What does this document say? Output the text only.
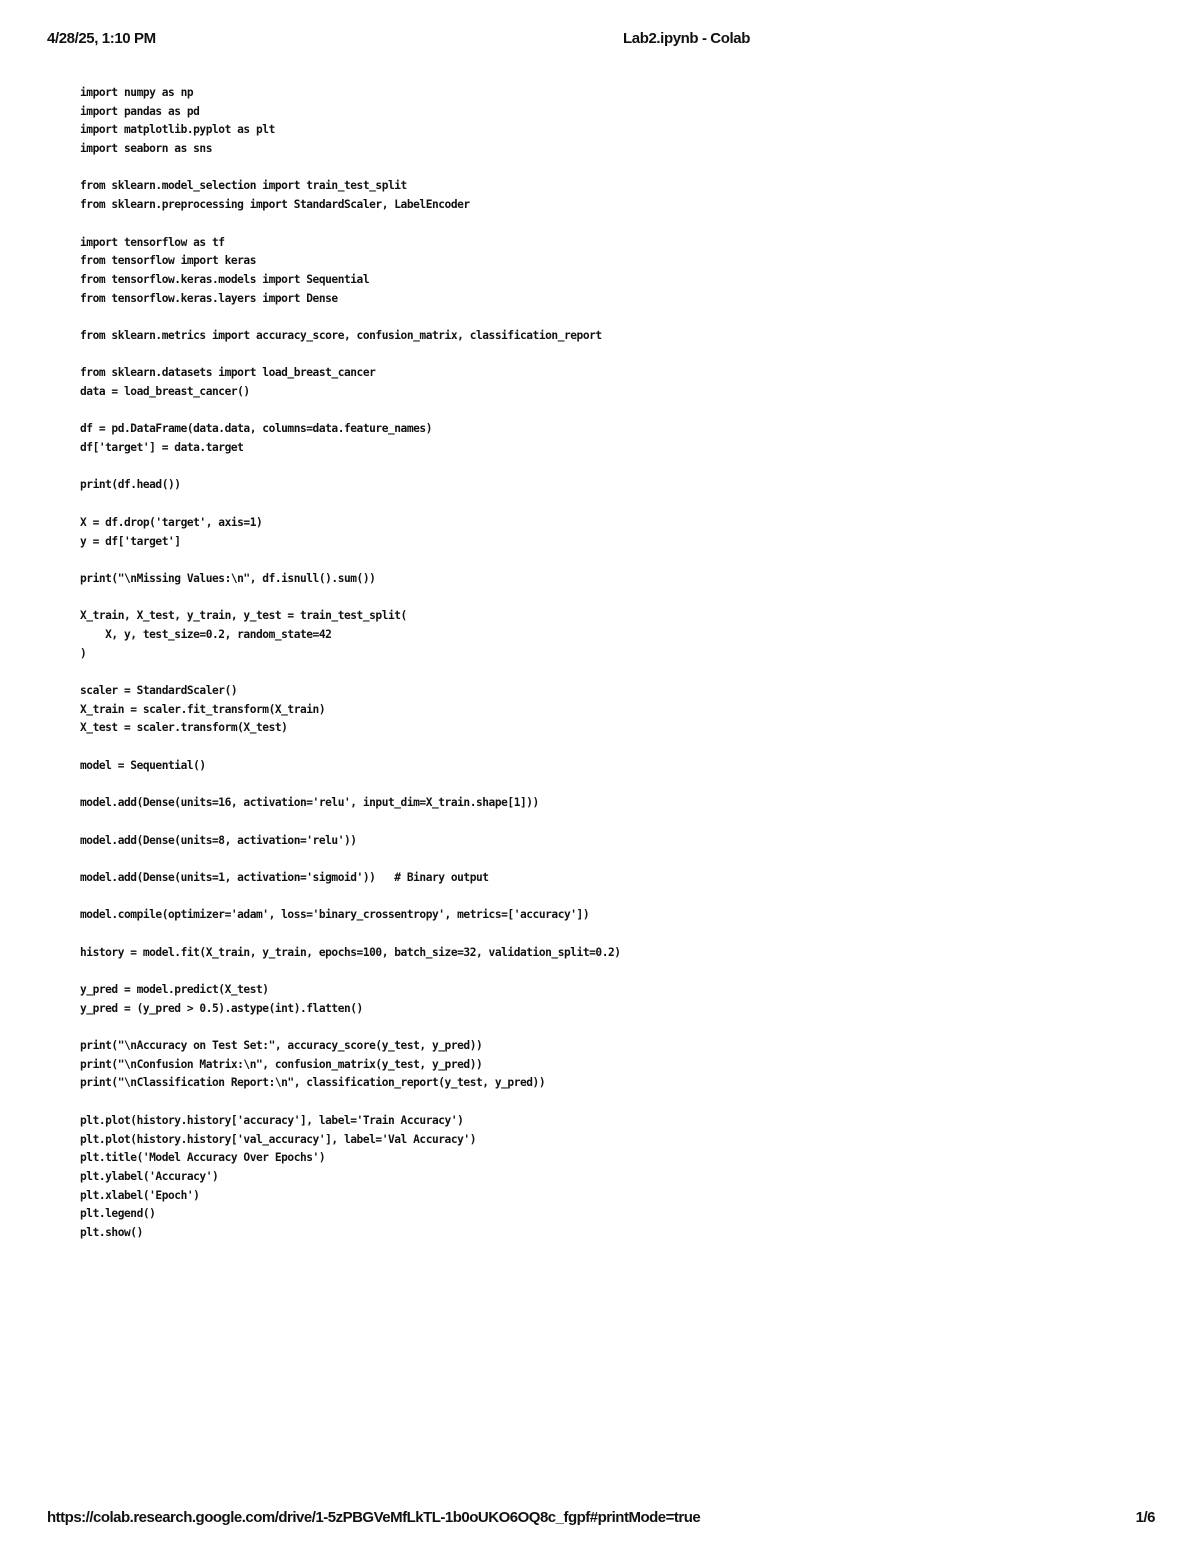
4/28/25, 1:10 PM	Lab2.ipynb - Colab
import numpy as np
import pandas as pd
import matplotlib.pyplot as plt
import seaborn as sns
from sklearn.model_selection import train_test_split
from sklearn.preprocessing import StandardScaler, LabelEncoder
import tensorflow as tf
from tensorflow import keras
from tensorflow.keras.models import Sequential
from tensorflow.keras.layers import Dense
from sklearn.metrics import accuracy_score, confusion_matrix, classification_report
from sklearn.datasets import load_breast_cancer
data = load_breast_cancer()
df = pd.DataFrame(data.data, columns=data.feature_names)
df['target'] = data.target
print(df.head())
X = df.drop('target', axis=1)
y = df['target']
print("\nMissing Values:\n", df.isnull().sum())
X_train, X_test, y_train, y_test = train_test_split(
X, y, test_size=0.2, random_state=42
)
scaler = StandardScaler()
X_train = scaler.fit_transform(X_train)
X_test = scaler.transform(X_test)
model = Sequential()
model.add(Dense(units=16, activation='relu', input_dim=X_train.shape[1]))
model.add(Dense(units=8, activation='relu'))
model.add(Dense(units=1, activation='sigmoid'))   # Binary output
model.compile(optimizer='adam', loss='binary_crossentropy', metrics=['accuracy'])
history = model.fit(X_train, y_train, epochs=100, batch_size=32, validation_split=0.2)
y_pred = model.predict(X_test)
y_pred = (y_pred > 0.5).astype(int).flatten()
print("\nAccuracy on Test Set:", accuracy_score(y_test, y_pred))
print("\nConfusion Matrix:\n", confusion_matrix(y_test, y_pred))
print("\nClassification Report:\n", classification_report(y_test, y_pred))
plt.plot(history.history['accuracy'], label='Train Accuracy')
plt.plot(history.history['val_accuracy'], label='Val Accuracy')
plt.title('Model Accuracy Over Epochs')
plt.ylabel('Accuracy')
plt.xlabel('Epoch')
plt.legend()
plt.show()
https://colab.research.google.com/drive/1-5zPBGVeMfLkTL-1b0oUKO6OQ8c_fgpf#printMode=true	1/6
